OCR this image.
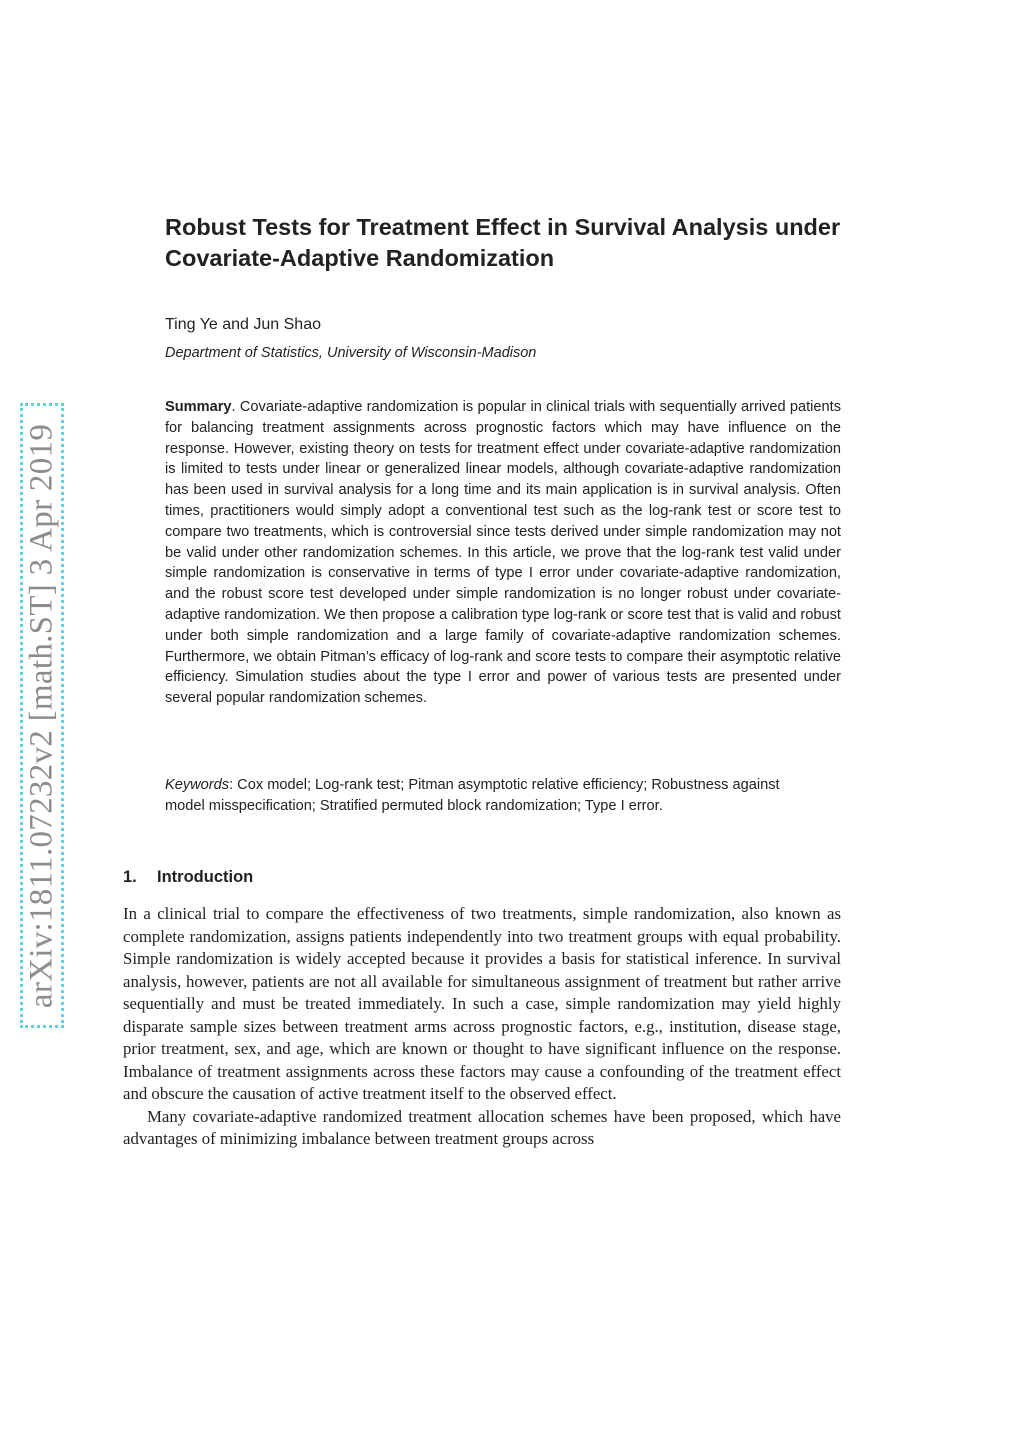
arXiv:1811.07232v2 [math.ST] 3 Apr 2019
Robust Tests for Treatment Effect in Survival Analysis under Covariate-Adaptive Randomization
Ting Ye and Jun Shao
Department of Statistics, University of Wisconsin-Madison

Summary. Covariate-adaptive randomization is popular in clinical trials with sequentially arrived patients for balancing treatment assignments across prognostic factors which may have influence on the response. However, existing theory on tests for treatment effect under covariate-adaptive randomization is limited to tests under linear or generalized linear models, although covariate-adaptive randomization has been used in survival analysis for a long time and its main application is in survival analysis. Often times, practitioners would simply adopt a conventional test such as the log-rank test or score test to compare two treatments, which is controversial since tests derived under simple randomization may not be valid under other randomization schemes. In this article, we prove that the log-rank test valid under simple randomization is conservative in terms of type I error under covariate-adaptive randomization, and the robust score test developed under simple randomization is no longer robust under covariate-adaptive randomization. We then propose a calibration type log-rank or score test that is valid and robust under both simple randomization and a large family of covariate-adaptive randomization schemes. Furthermore, we obtain Pitman’s efficacy of log-rank and score tests to compare their asymptotic relative efficiency. Simulation studies about the type I error and power of various tests are presented under several popular randomization schemes.

Keywords: Cox model; Log-rank test; Pitman asymptotic relative efficiency; Robustness against model misspecification; Stratified permuted block randomization; Type I error.

1. Introduction

In a clinical trial to compare the effectiveness of two treatments, simple randomization, also known as complete randomization, assigns patients independently into two treatment groups with equal probability. Simple randomization is widely accepted because it provides a basis for statistical inference. In survival analysis, however, patients are not all available for simultaneous assignment of treatment but rather arrive sequentially and must be treated immediately. In such a case, simple randomization may yield highly disparate sample sizes between treatment arms across prognostic factors, e.g., institution, disease stage, prior treatment, sex, and age, which are known or thought to have significant influence on the response. Imbalance of treatment assignments across these factors may cause a confounding of the treatment effect and obscure the causation of active treatment itself to the observed effect.

Many covariate-adaptive randomized treatment allocation schemes have been proposed, which have advantages of minimizing imbalance between treatment groups across
